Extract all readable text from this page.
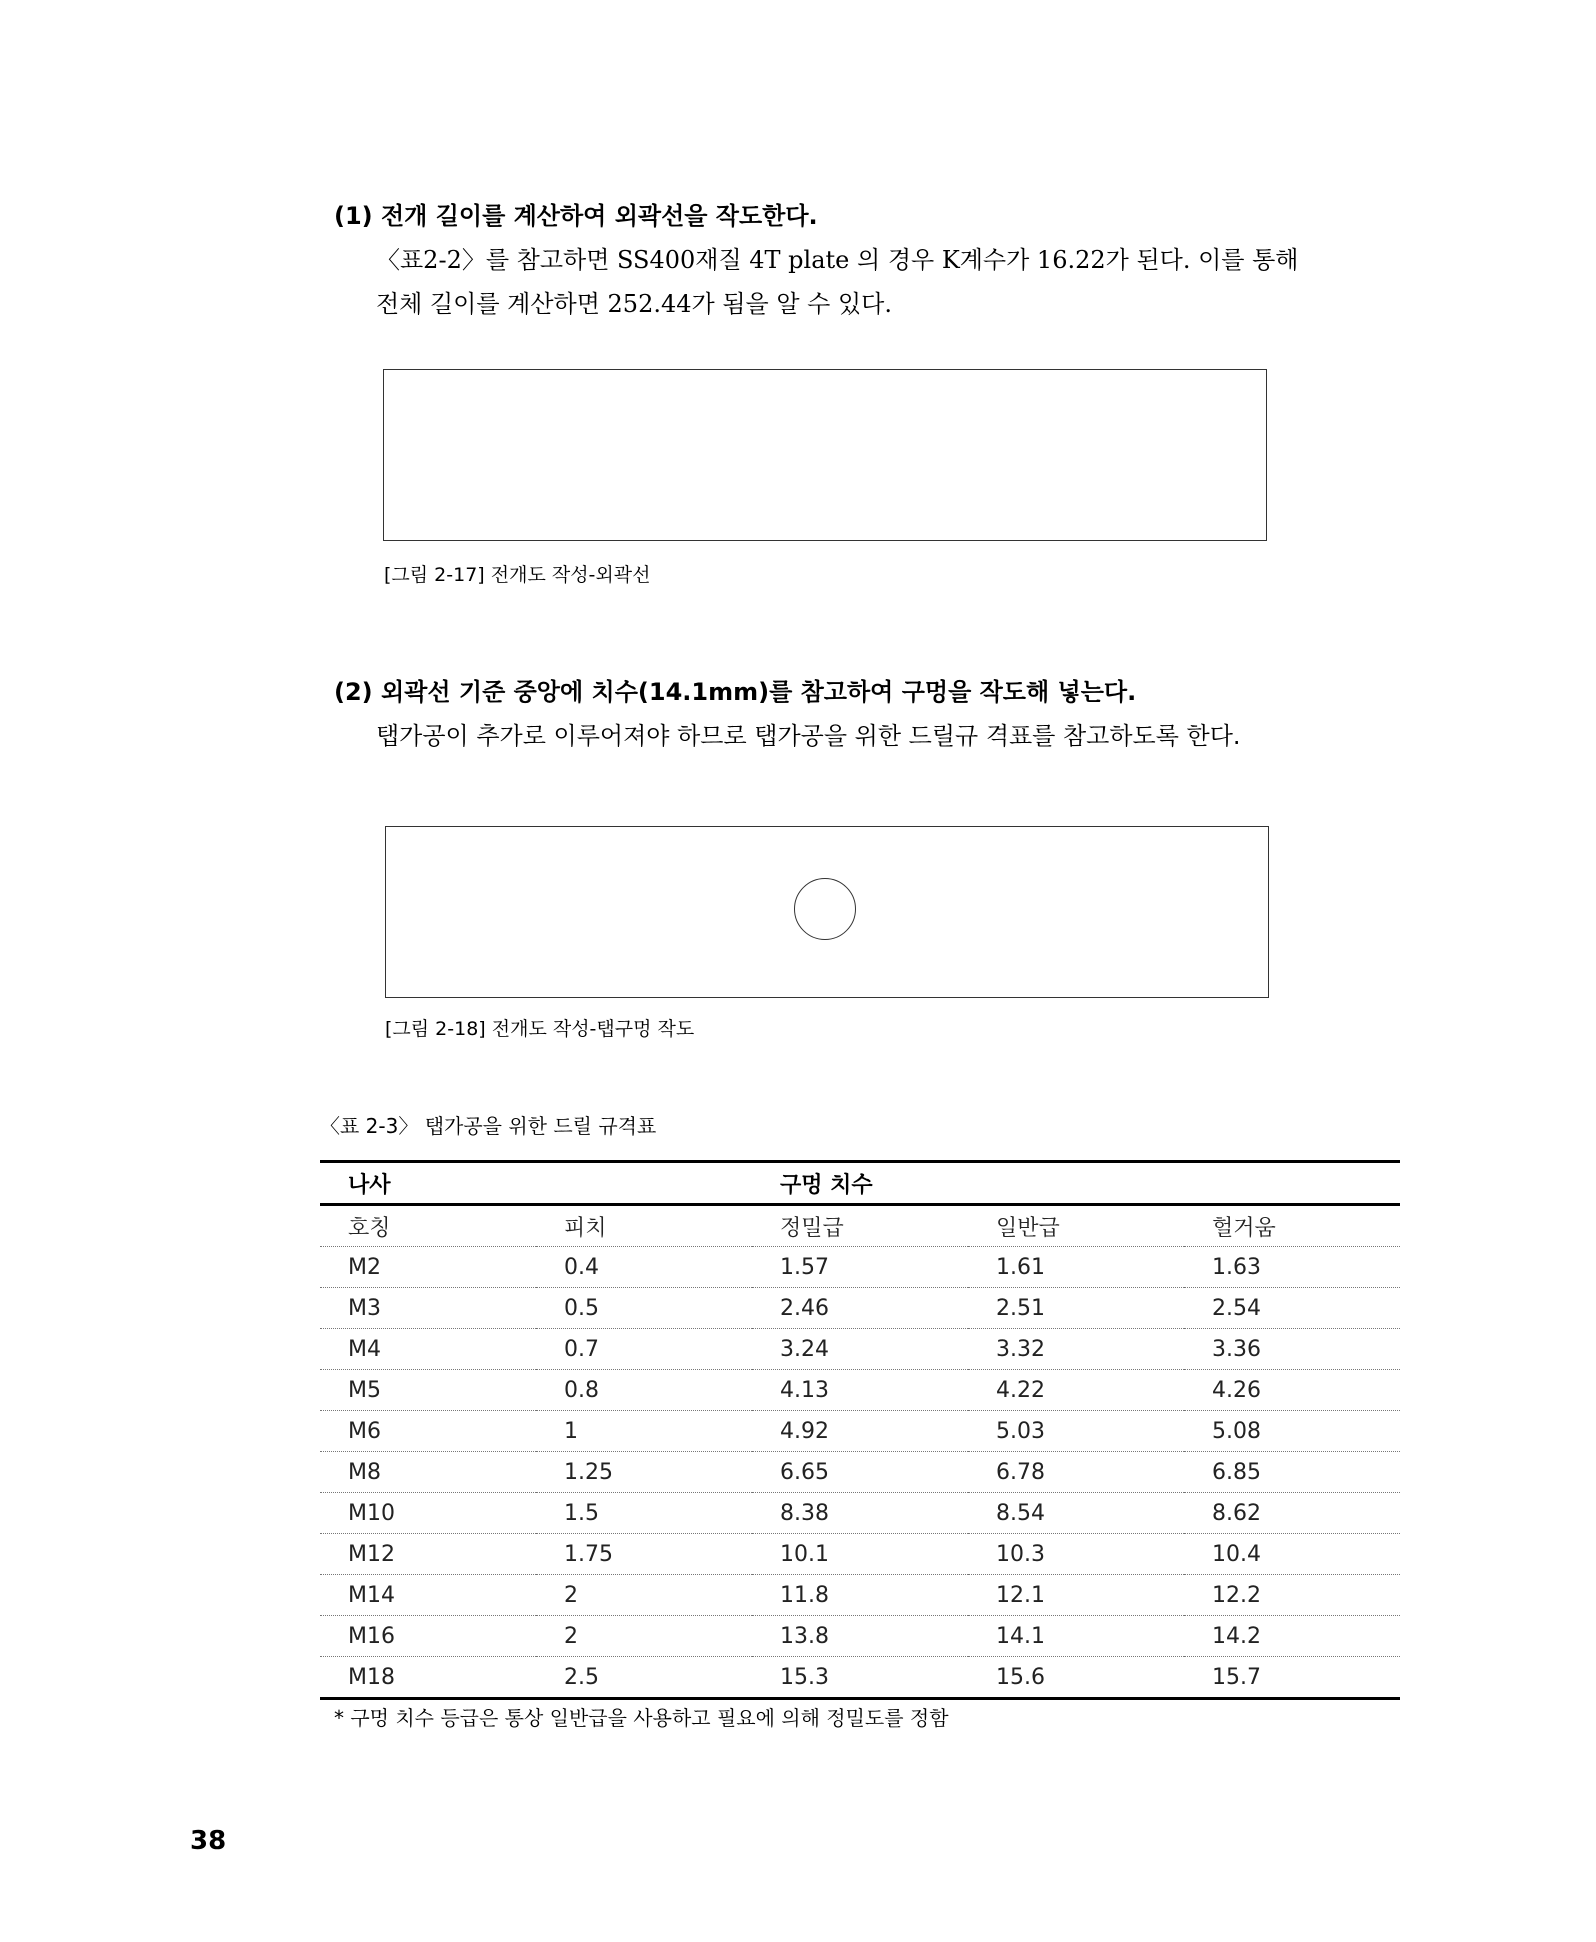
(1) 전개 길이를 계산하여 외곽선을 작도한다.
〈표2-2〉를 참고하면 SS400재질 4T plate 의 경우 K계수가 16.22가 된다. 이를 통해
전체 길이를 계산하면 252.44가 됨을 알 수 있다.
[그림 2-17] 전개도 작성-외곽선
(2) 외곽선 기준 중앙에 치수(14.1mm)를 참고하여 구멍을 작도해 넣는다.
탭가공이 추가로 이루어져야 하므로 탭가공을 위한 드릴규 격표를 참고하도록 한다.
[그림 2-18] 전개도 작성-탭구멍 작도
〈표 2-3〉 탭가공을 위한 드릴 규격표
나사		구멍 치수		
호칭	피치	정밀급	일반급	헐거움
M2	0.4	1.57	1.61	1.63
M3	0.5	2.46	2.51	2.54
M4	0.7	3.24	3.32	3.36
M5	0.8	4.13	4.22	4.26
M6	1	4.92	5.03	5.08
M8	1.25	6.65	6.78	6.85
M10	1.5	8.38	8.54	8.62
M12	1.75	10.1	10.3	10.4
M14	2	11.8	12.1	12.2
M16	2	13.8	14.1	14.2
M18	2.5	15.3	15.6	15.7
* 구멍 치수 등급은 통상 일반급을 사용하고 필요에 의해 정밀도를 정함
38
